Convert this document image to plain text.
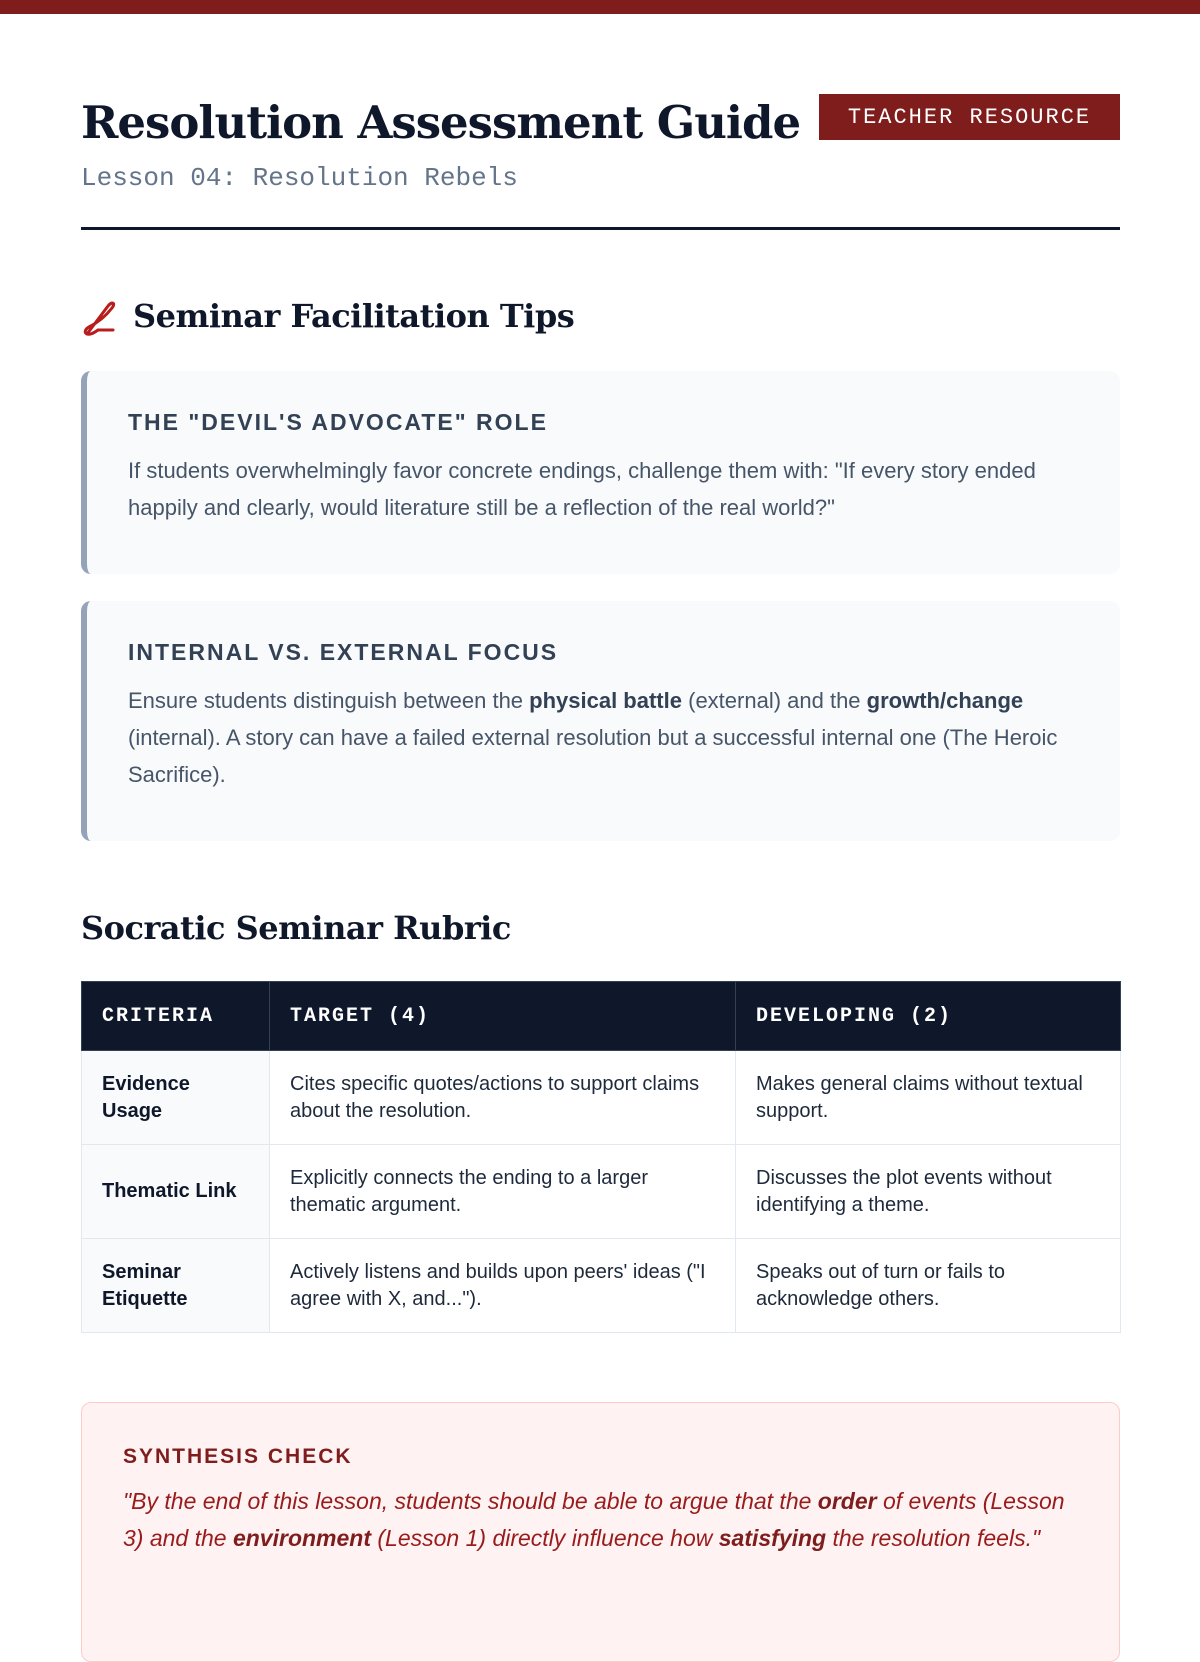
Resolution Assessment Guide
Lesson 04: Resolution Rebels
TEACHER RESOURCE
Seminar Facilitation Tips

THE "DEVIL'S ADVOCATE" ROLE

If students overwhelmingly favor concrete endings, challenge them with: "If every story ended happily and clearly, would literature still be a reflection of the real world?"

INTERNAL VS. EXTERNAL FOCUS

Ensure students distinguish between the physical battle (external) and the growth/change (internal). A story can have a failed external resolution but a successful internal one (The Heroic Sacrifice).

Socratic Seminar Rubric
CRITERIA	TARGET (4)	DEVELOPING (2)
Evidence Usage	Cites specific quotes/actions to support claims about the resolution.	Makes general claims without textual support.
Thematic Link	Explicitly connects the ending to a larger thematic argument.	Discusses the plot events without identifying a theme.
Seminar Etiquette	Actively listens and builds upon peers' ideas ("I agree with X, and...").	Speaks out of turn or fails to acknowledge others.

SYNTHESIS CHECK

"By the end of this lesson, students should be able to argue that the order of events (Lesson 3) and the environment (Lesson 1) directly influence how satisfying the resolution feels."
